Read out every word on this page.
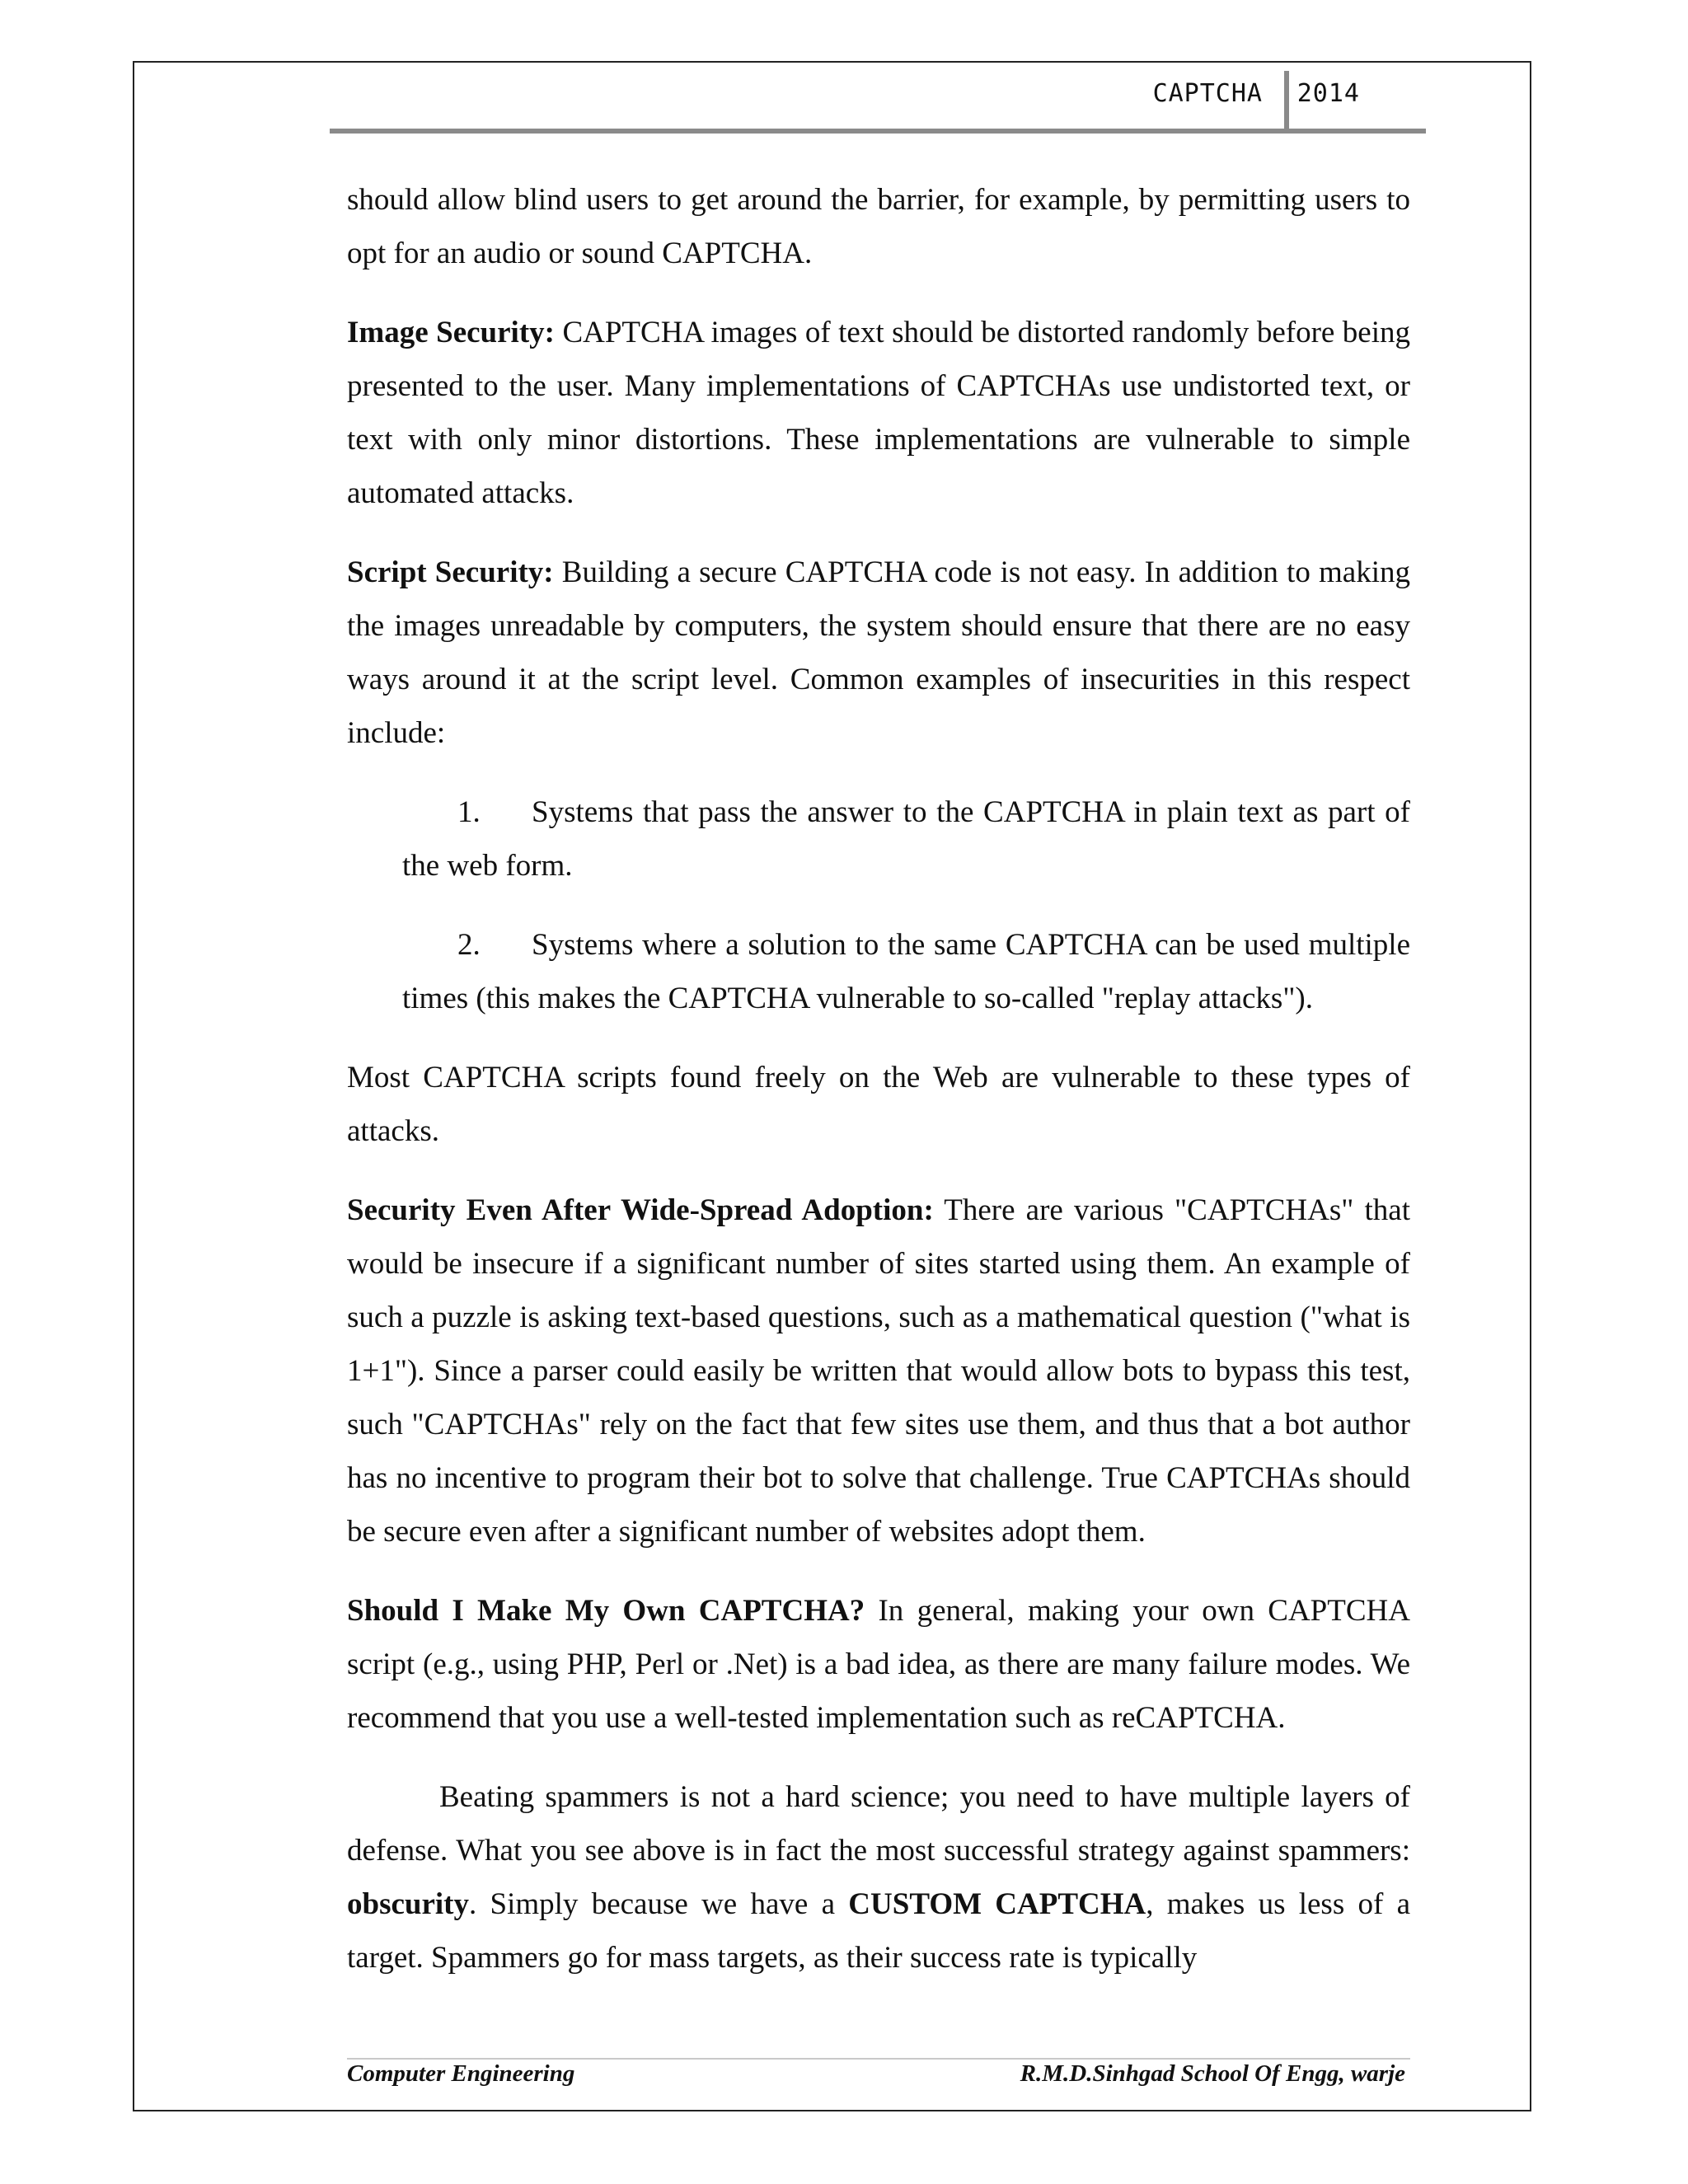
CAPTCHA 2014

should allow blind users to get around the barrier, for example, by permitting users to opt for an audio or sound CAPTCHA.

Image Security: CAPTCHA images of text should be distorted randomly before being presented to the user. Many implementations of CAPTCHAs use undistorted text, or text with only minor distortions. These implementations are vulnerable to simple automated attacks.

Script Security: Building a secure CAPTCHA code is not easy. In addition to making the images unreadable by computers, the system should ensure that there are no easy ways around it at the script level. Common examples of insecurities in this respect include:

1. Systems that pass the answer to the CAPTCHA in plain text as part of the web form.

2. Systems where a solution to the same CAPTCHA can be used multiple times (this makes the CAPTCHA vulnerable to so-called "replay attacks").

Most CAPTCHA scripts found freely on the Web are vulnerable to these types of attacks.

Security Even After Wide-Spread Adoption: There are various "CAPTCHAs" that would be insecure if a significant number of sites started using them. An example of such a puzzle is asking text-based questions, such as a mathematical question ("what is 1+1"). Since a parser could easily be written that would allow bots to bypass this test, such "CAPTCHAs" rely on the fact that few sites use them, and thus that a bot author has no incentive to program their bot to solve that challenge. True CAPTCHAs should be secure even after a significant number of websites adopt them.

Should I Make My Own CAPTCHA? In general, making your own CAPTCHA script (e.g., using PHP, Perl or .Net) is a bad idea, as there are many failure modes. We recommend that you use a well-tested implementation such as reCAPTCHA.

Beating spammers is not a hard science; you need to have multiple layers of defense. What you see above is in fact the most successful strategy against spammers: obscurity. Simply because we have a CUSTOM CAPTCHA, makes us less of a target. Spammers go for mass targets, as their success rate is typically

Computer Engineering	R.M.D.Sinhgad School Of Engg, warje
